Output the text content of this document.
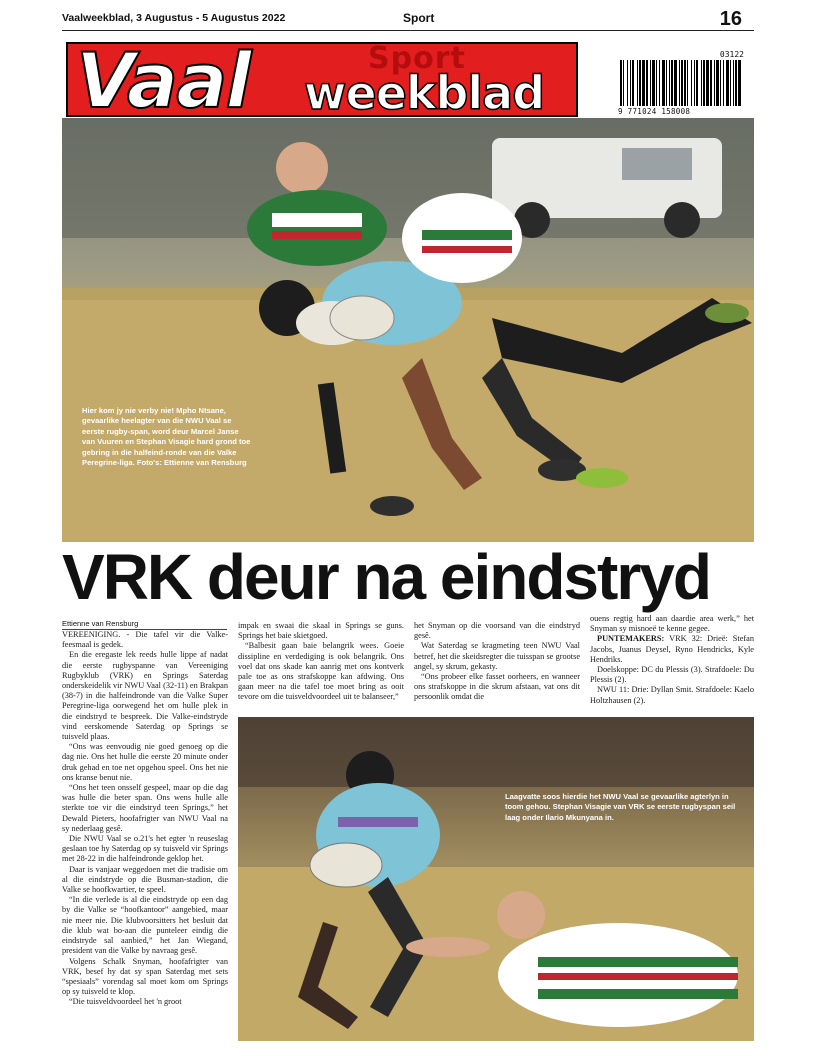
Vaalweekblad, 3 Augustus - 5 Augustus 2022	Sport	16
Vaal	Sport
weekblad
03122
9 771024 158008
Hier kom jy nie verby nie! Mpho Ntsane, gevaarlike heelagter van die NWU Vaal se eerste rugby-span, word deur Marcel Janse van Vuuren en Stephan Visagie hard grond toe gebring in die halfeind-ronde van die Valke Peregrine-liga. Foto's: Ettienne van Rensburg
VRK deur na eindstryd
Ettienne van Rensburg

VEREENIGING. - Die tafel vir die Valke-feesmaal is gedek.

En die eregaste lek reeds hulle lippe af nadat die eerste rugbyspanne van Vereeniging Rugbyklub (VRK) en Springs Saterdag onderskeidelik vir NWU Vaal (32-11) en Brakpan (38-7) in die halfeindronde van die Valke Super Peregrine-liga oorwegend het om hulle plek in die eindstryd te bespreek. Die Valke-eindstryde vind eerskomende Saterdag op Springs se tuisveld plaas.

“Ons was eenvoudig nie goed genoeg op die dag nie. Ons het hulle die eerste 20 minute onder druk gehad en toe net opgehou speel. Ons het nie ons kranse benut nie.

“Ons het teen onsself gespeel, maar op die dag was hulle die beter span. Ons wens hulle alle sterkte toe vir die eindstryd teen Springs,” het Dewald Pieters, hoofafrigter van NWU Vaal na sy nederlaag gesê.

Die NWU Vaal se o.21's het egter 'n reuseslag geslaan toe hy Saterdag op sy tuisveld vir Springs met 28-22 in die halfeindronde geklop het.

Daar is vanjaar weggedoen met die tradisie om al die eindstryde op die Busman-stadion, die Valke se hoofkwartier, te speel.

“In die verlede is al die eindstryde op een dag by die Valke se “hoofkantoor” aangebied, maar nie meer nie. Die klubvoorsitters het besluit dat die klub wat bo-aan die punteleer eindig die eindstryde sal aanbied,” het Jan Wiegand, president van die Valke by navraag gesê.

Volgens Schalk Snyman, hoofafrigter van VRK, besef hy dat sy span Saterdag met sets “spesiaals” vorendag sal moet kom om Springs op sy tuisveld te klop.

“Die tuisveldvoordeel het 'n groot

impak en swaai die skaal in Springs se guns. Springs het baie skietgoed.

“Balbesit gaan baie belangrik wees. Goeie dissipline en verdediging is ook belangrik. Ons voel dat ons skade kan aanrig met ons kontverk pale toe as ons strafskoppe kan afdwing. Ons gaan meer na die tafel toe moet bring as ooit tevore om die tuisveldvoordeel uit te balanseer,”

het Snyman op die voorsand van die eindstryd gesê.

Wat Saterdag se kragmeting teen NWU Vaal betref, het die skeidsregter die tuisspan se grootse angel, sy skrum, gekasty.

“Ons probeer elke fasset oorheers, en wanneer ons strafskoppe in die skrum afstaan, vat ons dit persoonlik omdat die

ouens regtig hard aan daardie area werk,” het Snyman sy misnoeë te kenne gegee.

PUNTEMAKERS: VRK 32: Drieë: Stefan Jacobs, Juanus Deysel, Ryno Hendricks, Kyle Hendriks.

Doelskoppe: DC du Plessis (3). Strafdoele: Du Plessis (2).

NWU 11: Drie: Dyllan Smit. Strafdoele: Kaelo Holtzhausen (2).

Laagvatte soos hierdie het NWU Vaal se gevaarlike agterlyn in toom gehou. Stephan Visagie van VRK se eerste rugbyspan seil laag onder Ilario Mkunyana in.
